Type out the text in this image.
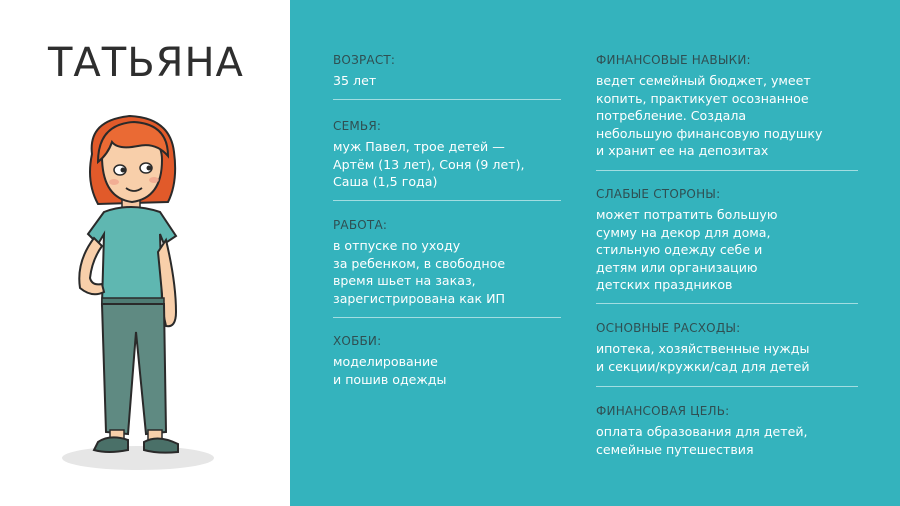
ТАТЬЯНА	ВОЗРАСТ:
35 лет
СЕМЬЯ:
муж Павел, трое детей —
Артём (13 лет), Соня (9 лет),
Саша (1,5 года)
РАБОТА:
в отпуске по уходу
за ребенком, в свободное
время шьет на заказ,
зарегистрирована как ИП
ХОББИ:
моделирование
и пошив одежды
ФИНАНСОВЫЕ НАВЫКИ:
ведет семейный бюджет, умеет
копить, практикует осознанное
потребление. Создала
небольшую финансовую подушку
и хранит ее на депозитах
СЛАБЫЕ СТОРОНЫ:
может потратить большую
сумму на декор для дома,
стильную одежду себе и
детям или организацию
детских праздников
ОСНОВНЫЕ РАСХОДЫ:
ипотека, хозяйственные нужды
и секции/кружки/сад для детей
ФИНАНСОВАЯ ЦЕЛЬ:
оплата образования для детей,
семейные путешествия
